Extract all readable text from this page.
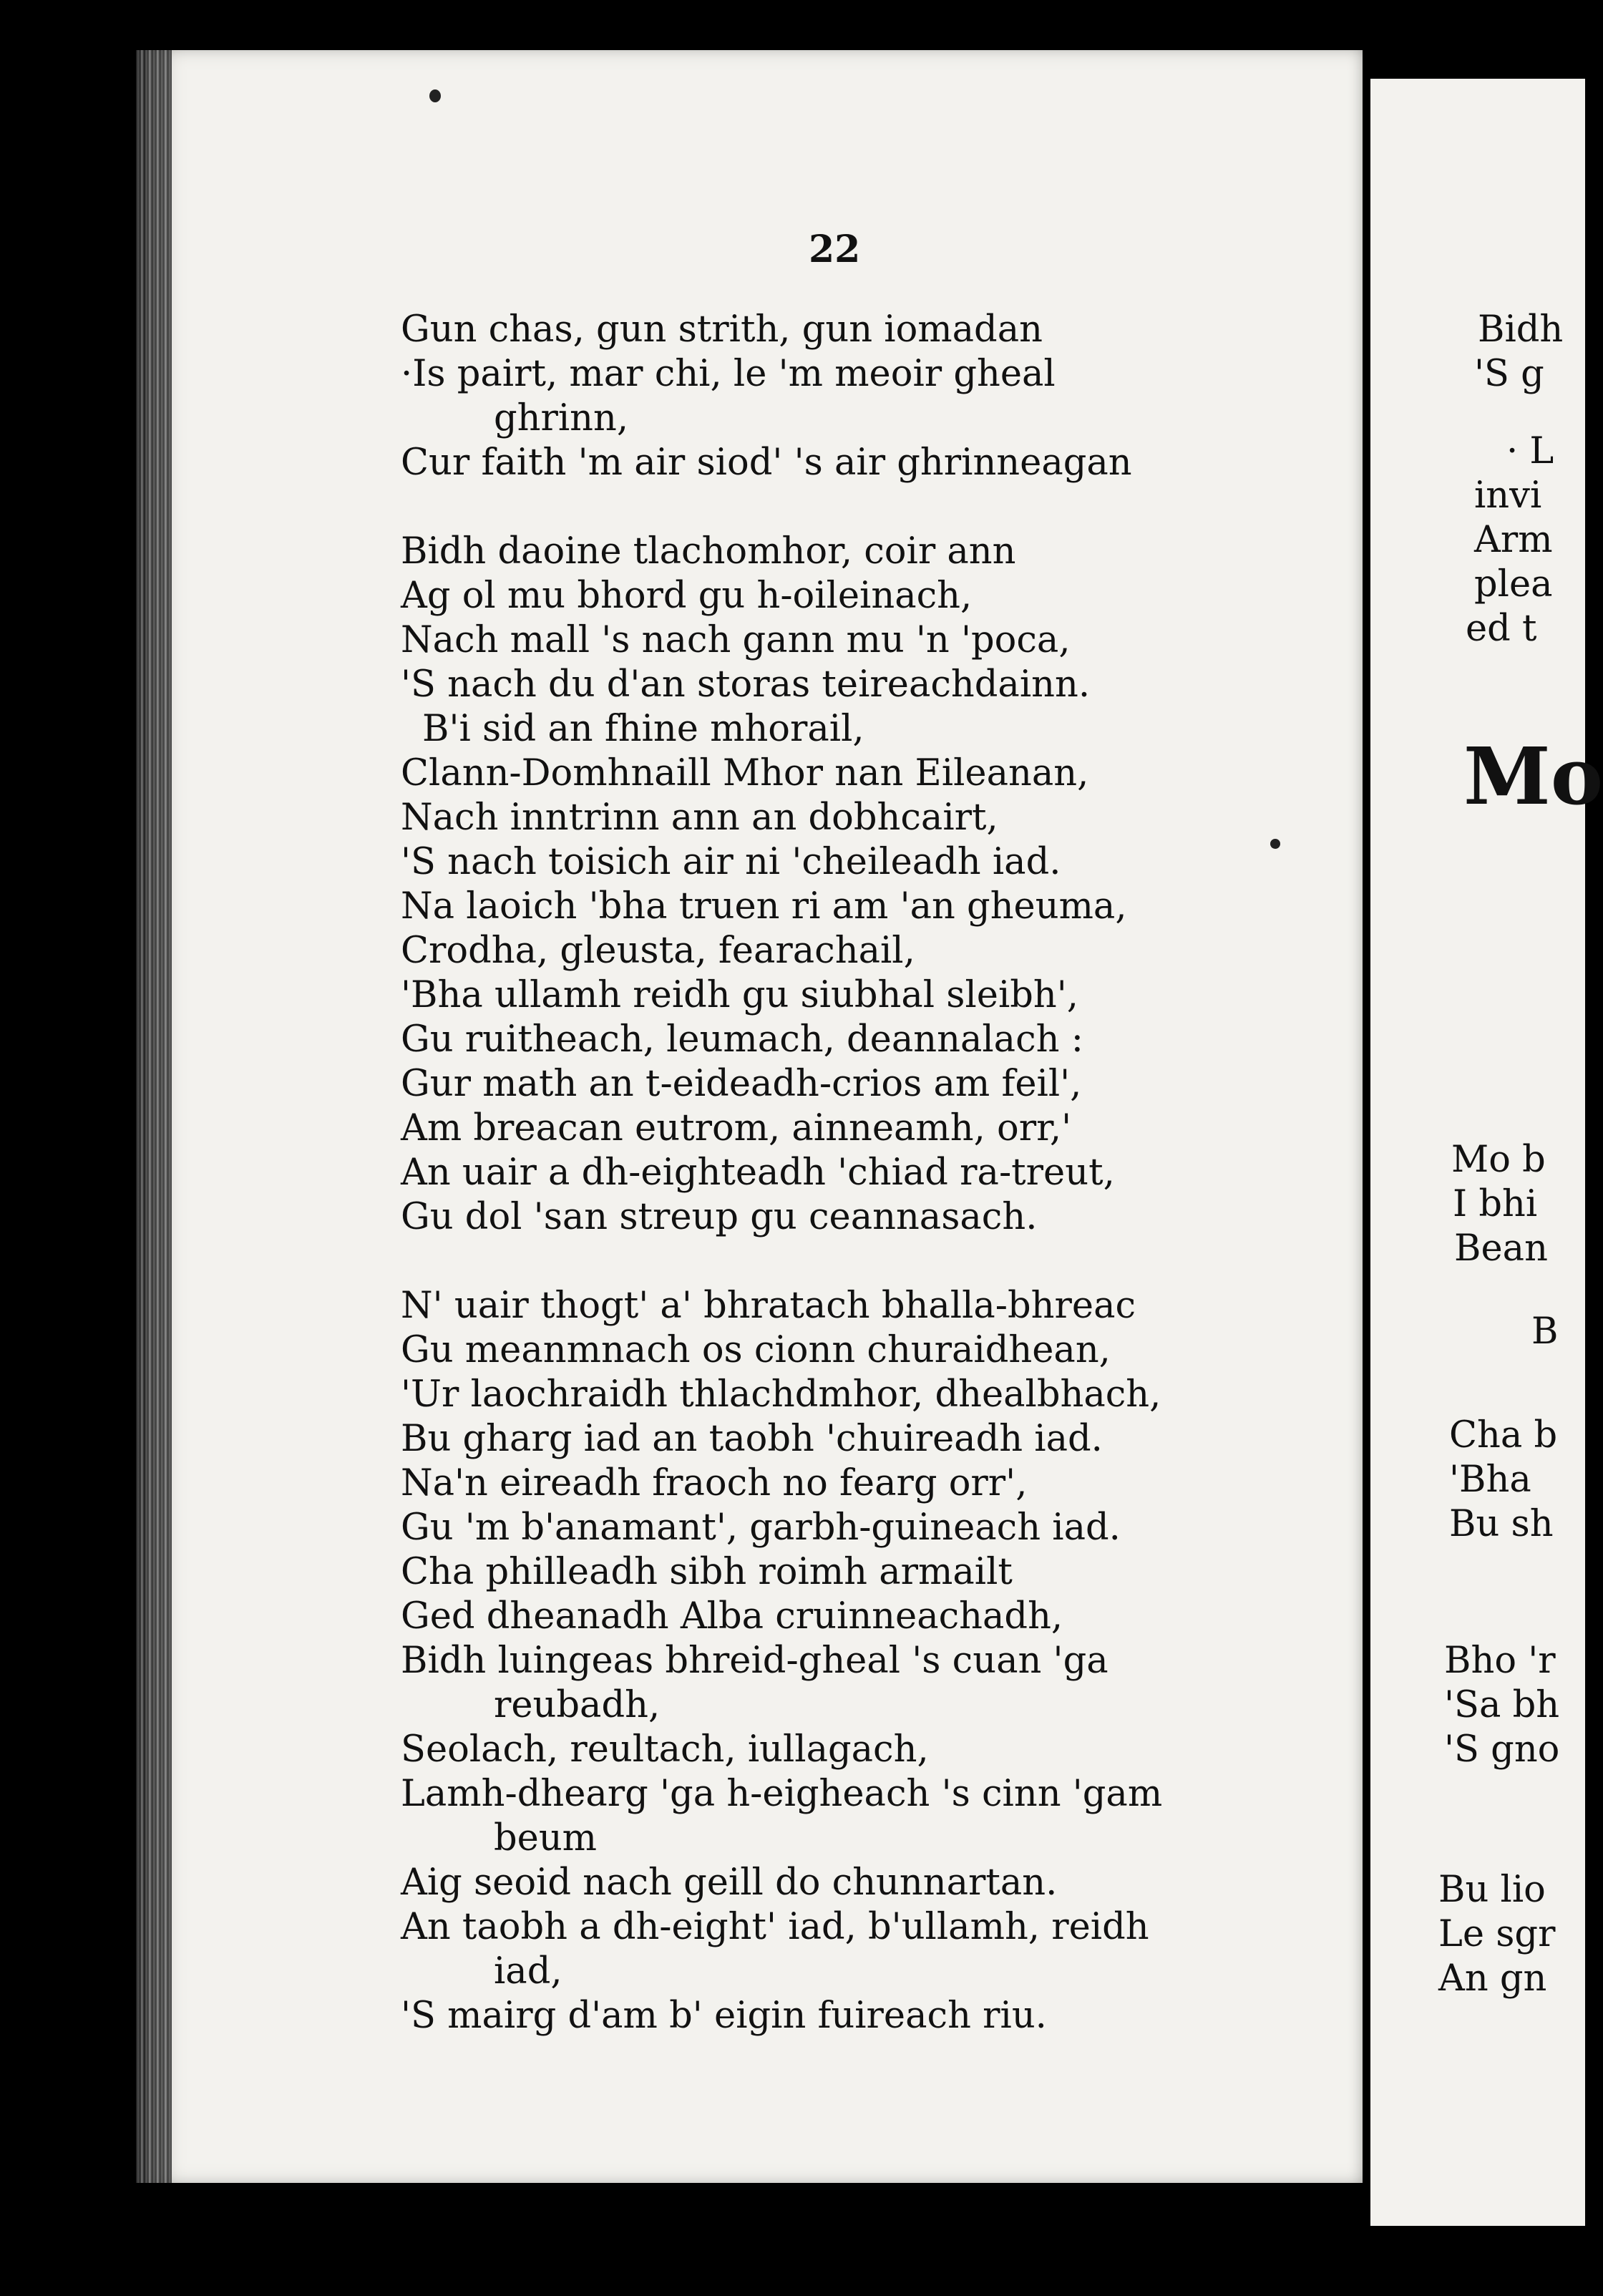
22
Gun chas, gun strith, gun iomadan
·Is pairt, mar chi, le 'm meoir gheal
ghrinn,
Cur faith 'm air siod' 's air ghrinneagan
Bidh daoine tlachomhor, coir ann
Ag ol mu bhord gu h-oileinach,
Nach mall 's nach gann mu 'n 'poca,
'S nach du d'an storas teireachdainn.
B'i sid an fhine mhorail,
Clann-Domhnaill Mhor nan Eileanan,
Nach inntrinn ann an dobhcairt,
'S nach toisich air ni 'cheileadh iad.
Na laoich 'bha truen ri am 'an gheuma,
Crodha, gleusta, fearachail,
'Bha ullamh reidh gu siubhal sleibh',
Gu ruitheach, leumach, deannalach :
Gur math an t-eideadh-crios am feil',
Am breacan eutrom, ainneamh, orr,'
An uair a dh-eighteadh 'chiad ra-treut,
Gu dol 'san streup gu ceannasach.
N' uair thogt' a' bhratach bhalla-bhreac
Gu meanmnach os cionn churaidhean,
'Ur laochraidh thlachdmhor, dhealbhach,
Bu gharg iad an taobh 'chuireadh iad.
Na'n eireadh fraoch no fearg orr',
Gu 'm b'anamant', garbh-guineach iad.
Cha philleadh sibh roimh armailt
Ged dheanadh Alba cruinneachadh,
Bidh luingeas bhreid-gheal 's cuan 'ga
reubadh,
Seolach, reultach, iullagach,
Lamh-dhearg 'ga h-eigheach 's cinn 'gam
beum
Aig seoid nach geill do chunnartan.
An taobh a dh-eight' iad, b'ullamh, reidh
iad,
'S mairg d'am b' eigin fuireach riu.
Mo
Bidh
'S g
· L
invi
Arm
plea
ed t
Mo b
I bhi
Bean
B
Cha b
'Bha
Bu sh
Bho 'r
'Sa bh
'S gno
Bu lio
Le sgr
An gn
